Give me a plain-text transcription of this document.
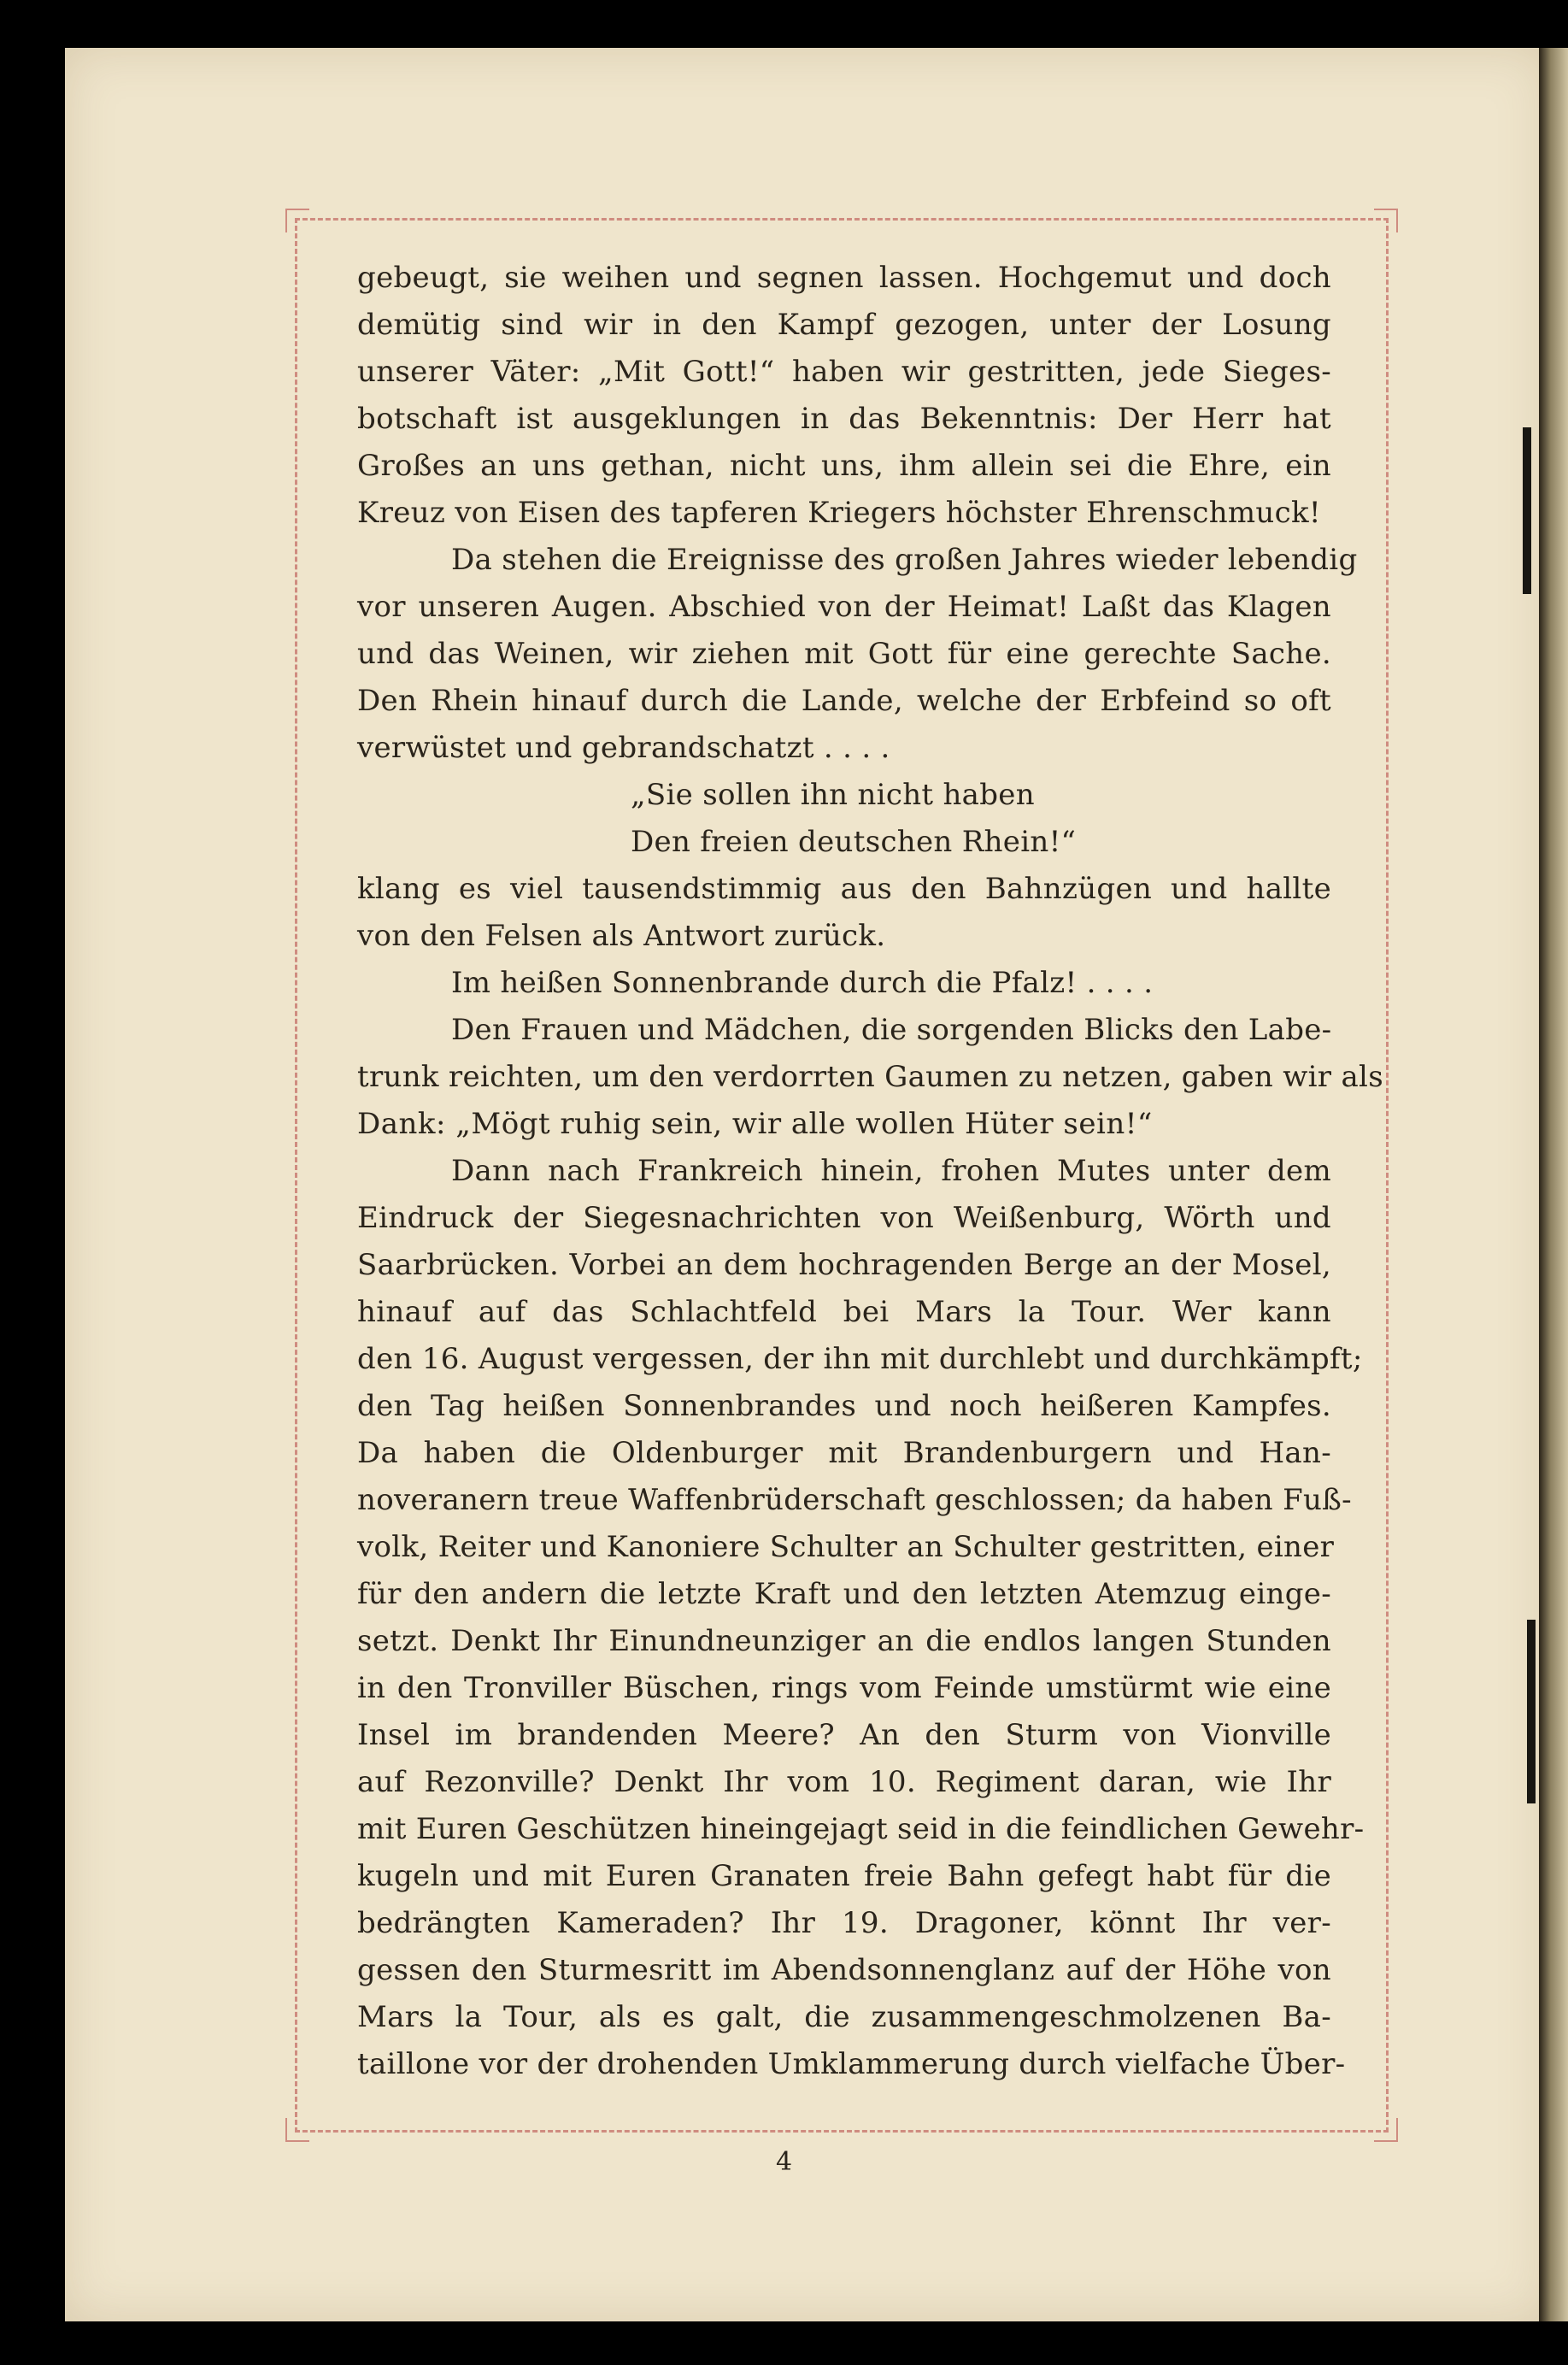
gebeugt, sie weihen und segnen lassen. Hochgemut und doch
demütig sind wir in den Kampf gezogen, unter der Losung
unserer Väter: „Mit Gott!“ haben wir gestritten, jede Sieges-
botschaft ist ausgeklungen in das Bekenntnis: Der Herr hat
Großes an uns gethan, nicht uns, ihm allein sei die Ehre, ein
Kreuz von Eisen des tapferen Kriegers höchster Ehrenschmuck!
Da stehen die Ereignisse des großen Jahres wieder lebendig
vor unseren Augen. Abschied von der Heimat! Laßt das Klagen
und das Weinen, wir ziehen mit Gott für eine gerechte Sache.
Den Rhein hinauf durch die Lande, welche der Erbfeind so oft
verwüstet und gebrandschatzt . . . .
„Sie sollen ihn nicht haben
Den freien deutschen Rhein!“
klang es viel tausendstimmig aus den Bahnzügen und hallte
von den Felsen als Antwort zurück.
Im heißen Sonnenbrande durch die Pfalz! . . . .
Den Frauen und Mädchen, die sorgenden Blicks den Labe-
trunk reichten, um den verdorrten Gaumen zu netzen, gaben wir als
Dank: „Mögt ruhig sein, wir alle wollen Hüter sein!“
Dann nach Frankreich hinein, frohen Mutes unter dem
Eindruck der Siegesnachrichten von Weißenburg, Wörth und
Saarbrücken. Vorbei an dem hochragenden Berge an der Mosel,
hinauf auf das Schlachtfeld bei Mars la Tour. Wer kann
den 16. August vergessen, der ihn mit durchlebt und durchkämpft;
den Tag heißen Sonnenbrandes und noch heißeren Kampfes.
Da haben die Oldenburger mit Brandenburgern und Han-
noveranern treue Waffenbrüderschaft geschlossen; da haben Fuß-
volk, Reiter und Kanoniere Schulter an Schulter gestritten, einer
für den andern die letzte Kraft und den letzten Atemzug einge-
setzt. Denkt Ihr Einundneunziger an die endlos langen Stunden
in den Tronviller Büschen, rings vom Feinde umstürmt wie eine
Insel im brandenden Meere? An den Sturm von Vionville
auf Rezonville? Denkt Ihr vom 10. Regiment daran, wie Ihr
mit Euren Geschützen hineingejagt seid in die feindlichen Gewehr-
kugeln und mit Euren Granaten freie Bahn gefegt habt für die
bedrängten Kameraden? Ihr 19. Dragoner, könnt Ihr ver-
gessen den Sturmesritt im Abendsonnenglanz auf der Höhe von
Mars la Tour, als es galt, die zusammengeschmolzenen Ba-
taillone vor der drohenden Umklammerung durch vielfache Über-
4
